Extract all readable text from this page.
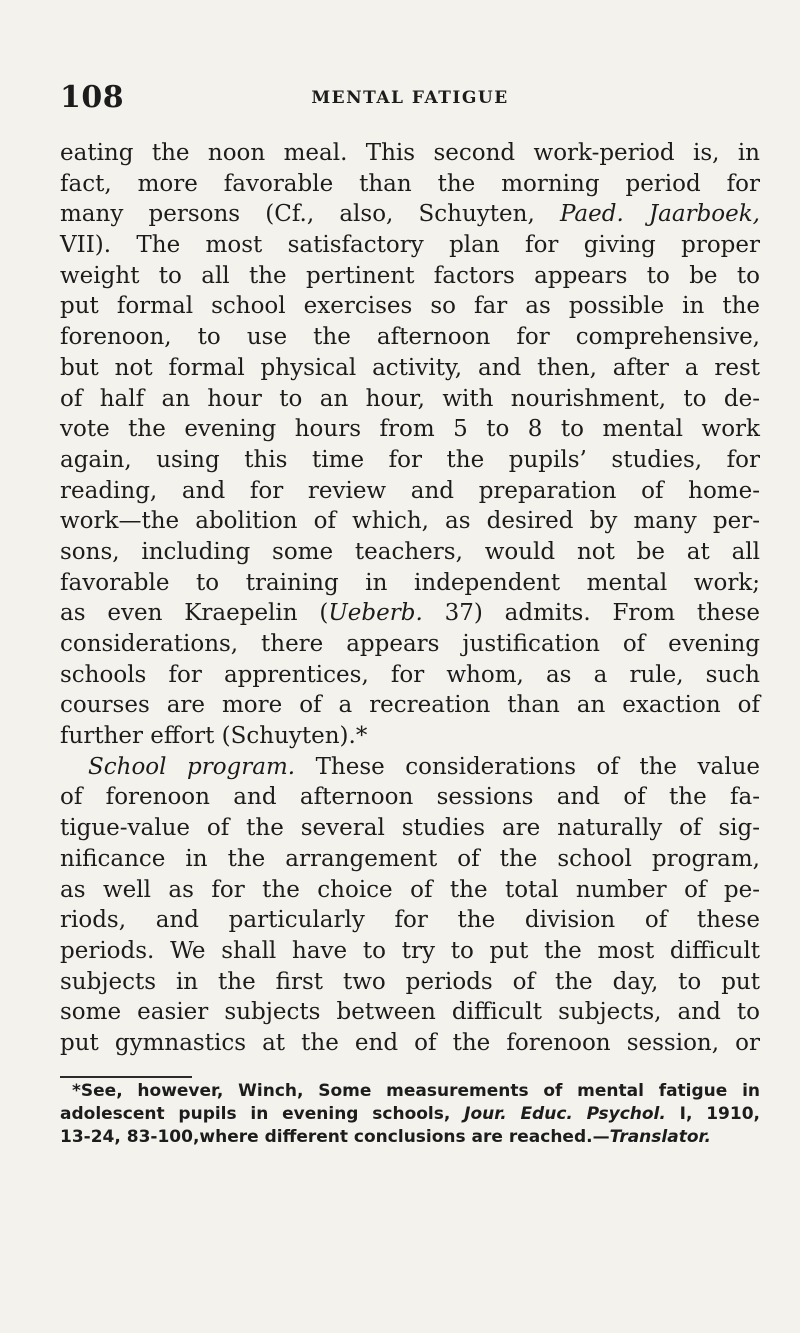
108	MENTAL FATIGUE
eating the noon meal. This second work-period is, in
fact, more favorable than the morning period for
many persons (Cf., also, Schuyten, Paed. Jaarboek,
VII). The most satisfactory plan for giving proper
weight to all the pertinent factors appears to be to
put formal school exercises so far as possible in the
forenoon, to use the afternoon for comprehensive,
but not formal physical activity, and then, after a rest
of half an hour to an hour, with nourishment, to de-
vote the evening hours from 5 to 8 to mental work
again, using this time for the pupils’ studies, for
reading, and for review and preparation of home-
work—the abolition of which, as desired by many per-
sons, including some teachers, would not be at all
favorable to training in independent mental work;
as even Kraepelin (Ueberb. 37) admits. From these
considerations, there appears justification of evening
schools for apprentices, for whom, as a rule, such
courses are more of a recreation than an exaction of
further effort (Schuyten).*
School program. These considerations of the value
of forenoon and afternoon sessions and of the fa-
tigue-value of the several studies are naturally of sig-
nificance in the arrangement of the school program,
as well as for the choice of the total number of pe-
riods, and particularly for the division of these
periods. We shall have to try to put the most difficult
subjects in the first two periods of the day, to put
some easier subjects between difficult subjects, and to
put gymnastics at the end of the forenoon session, or
*See, however, Winch, Some measurements of mental fatigue in
adolescent pupils in evening schools, Jour. Educ. Psychol. I, 1910,
13-24, 83-100,where different conclusions are reached.—Translator.
